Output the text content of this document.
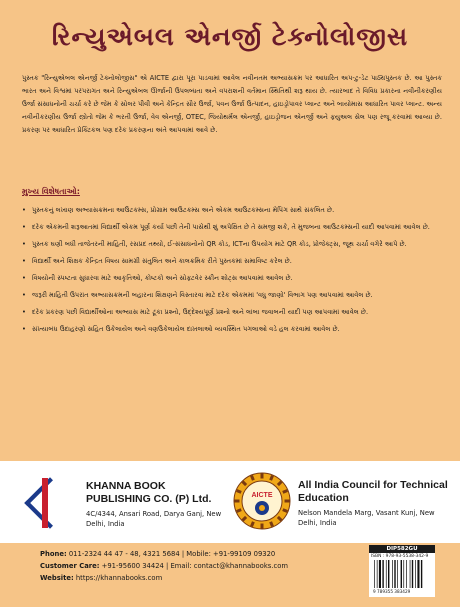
રિન્યુએબલ એનર્જી ટેક્નોલોજીસ

પુસ્તક "રિન્યુએબલ એનર્જી ટેક્નોલોજીસ" એ AICTE દ્વારા પૂરા પાડવામાં આવેલ નવીનતમ અભ્યાસક્રમ પર આધારિત અપ-ટુ-ડેટ પાઠ્યપુસ્તક છે. આ પુસ્તક ભારત અને વિશ્વમાં પરંપરાગત અને રિન્યુએબલ ઊર્જાની ઉપલબ્ધતા અને વપરાશની વર્તમાન સ્થિતિથી શરૂ થાય છે. ત્યારબાદ તે વિવિધ પ્રકારના નવીનીકરણીય ઉર્જા સંસાધનોની ચર્ચા કરે છે જેમ કે સોલર પીવી અને કેન્દ્રિત સૌર ઉર્જા, પવન ઉર્જા ઉત્પાદન, હાઇડ્રોપાવર પ્લાન્ટ અને બાયોમાસ આધારિત પાવર પ્લાન્ટ. અન્ય નવીનીકરણીય ઉર્જા સ્ત્રોતો જેમ કે ભરતી ઉર્જા, વેવ એનર્જી, OTEC, જિયોથર્મલ એનર્જી, હાઇડ્રોજન એનર્જી અને ફ્યુઅલ સેલ પણ રજૂ કરવામાં આવ્યા છે. પ્રકરણ પર આધારિત પ્રેક્ટિકલ પણ દરેક પ્રકરણના અંતે આપવામાં આવે છે.

મુખ્ય વિશેષતાઓ:
• પુસ્તકનું લખાણ અભ્યાસક્રમના આઉટકમ્સ, પ્રોગ્રામ આઉટકમ્સ અને એકમ આઉટકમ્સના મેપિંગ સાથે સંકલિત છે.
• દરેક એકમની શરૂઆતમાં વિદ્યાર્થી એકમ પૂર્ણ કર્યા પછી તેની પાસેથી શું અપેક્ષિત છે તે સમજી શકે, તે મુજબના આઉટકમ્સની યાદી આપવામાં આવેલ છે.
• પુસ્તક ઘણી બધી તાજેતરની માહિતી, રસપ્રદ તથ્યો, ઈ-સંસાધનોનો QR કોડ, ICTના ઉપયોગ માટે QR કોડ, પ્રોજેક્ટ્સ, જૂથ ચર્ચા વગેરે આપે છે.
• વિદ્યાર્થી અને શિક્ષક કેન્દ્રિત વિષય સામગ્રી સંતુલિત અને કાલક્રમિક રીતે પુસ્તકમાં સમાવિષ્ટ કરેલ છે.
• વિષયોની સ્પષ્ટતા સુધારવા માટે આકૃતિઓ, કોષ્ટકો અને સોફ્ટવેર સ્ક્રીન શોટ્સ આપવામાં આવેલ છે.
• જરૂરી માહિતી ઉપરાંત અભ્યાસક્રમની બહારના શિક્ષણને વિસ્તારવા માટે દરેક એકમમાં 'વધુ જાણો' વિભાગ પણ આપવામાં આવેલ છે.
• દરેક પ્રકરણ પછી વિદ્યાર્થીઓના અભ્યાસ માટે ટૂંકા પ્રશ્નો, ઉદ્દેશ્યપૂર્ણ પ્રશ્નો અને લાંબા જવાબની યાદી પણ આપવામાં આવેલ છે.
• સંખ્યાબંધ ઉદાહરણો સહિત ઉકેલાયેલ અને વણઉકેલાયેલ દાખલાઓ વ્યવસ્થિત પગલાઓ વડે હલ કરવામાં આવેલ છે.
KHANNA BOOK PUBLISHING CO. (P) Ltd.
4C/4344, Ansari Road, Darya Ganj, New Delhi, India
AICTE
All India Council for Technical Education
Nelson Mandela Marg, Vasant Kunj, New Delhi, India
Phone: 011-2324 44 47 - 48, 4321 5684 | Mobile: +91-99109 09320
Customer Care: +91-95600 34424 | Email: contact@khannabooks.com
Website: https://khannabooks.com
DIP582GU
ISBN : 978-93-5538-342-9
9 789355 383429
